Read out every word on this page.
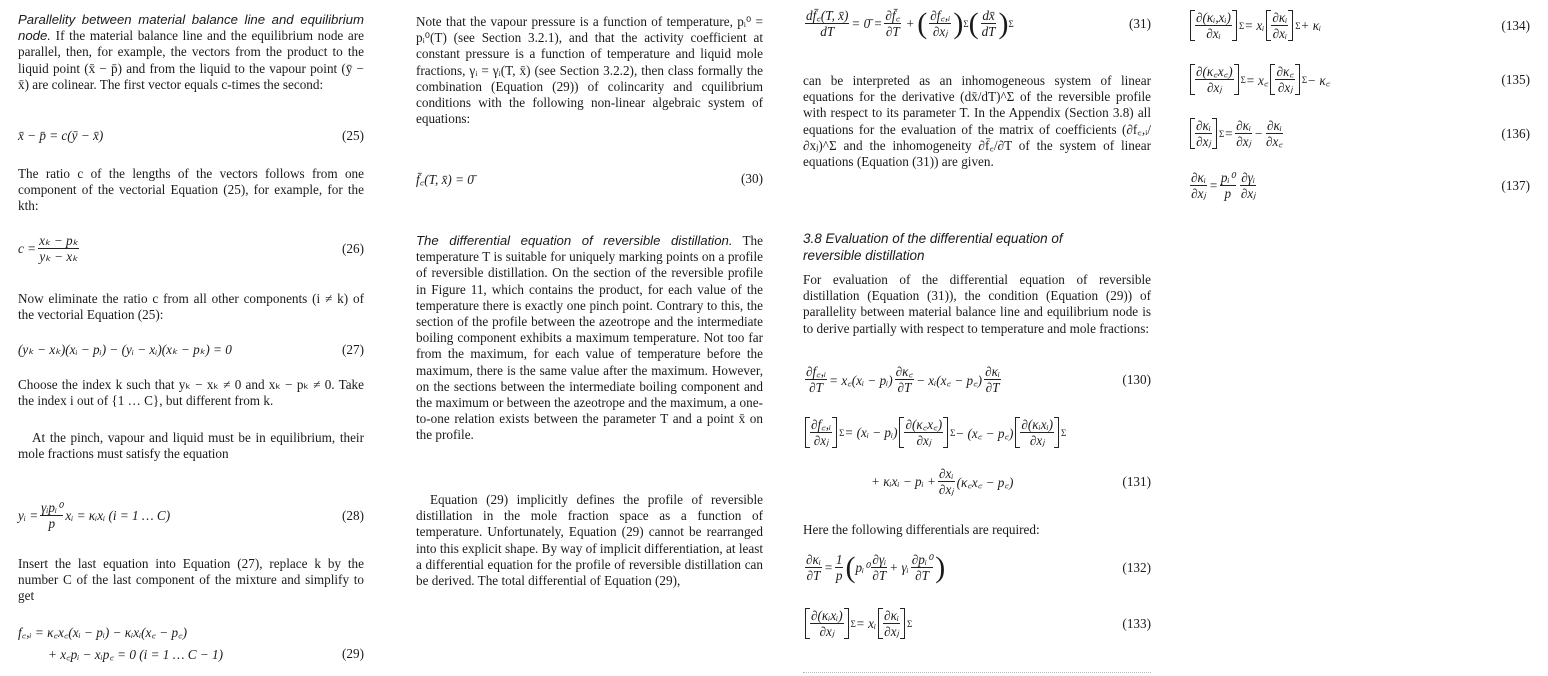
Parallelity between material balance line and equilibrium node. If the material balance line and the equilibrium node are parallel, then, for example, the vectors from the product to the liquid point (x̄ − p̄) and from the liquid to the vapour point (ȳ − x̄) are colinear. The first vector equals c-times the second:

x̄ − p̄ = c(ȳ − x̄)	(25)

The ratio c of the lengths of the vectors follows from one component of the vectorial Equation (25), for example, for the kth:

$c = \frac{\text{xₖ − pₖ}}{\text{yₖ − xₖ}}$	(26)

Now eliminate the ratio c from all other components (i ≠ k) of the vectorial Equation (25):

(yₖ − xₖ)(xᵢ − pᵢ) − (yᵢ − xᵢ)(xₖ − pₖ) = 0	(27)

Choose the index k such that yₖ − xₖ ≠ 0 and xₖ − pₖ ≠ 0. Take the index i out of {1 … C}, but different from k.

At the pinch, vapour and liquid must be in equilibrium, their mole fractions must satisfy the equation

yᵢ = $\frac{\text{γᵢpᵢ⁰}}{p}$ xᵢ = κᵢxᵢ (i = 1 … C)	(28)

Insert the last equation into Equation (27), replace k by the number C of the last component of the mixture and simplify to get

f꜀,ᵢ = κ꜀x꜀(xᵢ − pᵢ) − κᵢxᵢ(x꜀ − p꜀)
+ x꜀pᵢ − xᵢp꜀ = 0 (i = 1 … C − 1)	(29)

Note that the vapour pressure is a function of temperature, pᵢ⁰ = pᵢ⁰(T) (see Section 3.2.1), and that the activity coefficient at constant pressure is a function of temperature and liquid mole fractions, γᵢ = γᵢ(T, x̄) (see Section 3.2.2), then class formally the combination (Equation (29)) of colincarity and cquilibrium conditions with the following non-linear algebraic system of equations:

f̄꜀(T, x̄) = 0̄	(30)

The differential equation of reversible distillation. The temperature T is suitable for uniquely marking points on a profile of reversible distillation. On the section of the reversible profile in Figure 11, which contains the product, for each value of the temperature there is exactly one pinch point. Contrary to this, the section of the profile between the azeotrope and the intermediate boiling component exhibits a maximum temperature. Not too far from the maximum, for each value of temperature before the maximum, there is the same value after the maximum. However, on the sections between the intermediate boiling component and the maximum or between the azeotrope and the maximum, a one-to-one relation exists between the parameter T and a point x̄ on the profile.

Equation (29) implicitly defines the profile of reversible distillation in the mole fraction space as a function of temperature. Unfortunately, Equation (29) cannot be rearranged into this explicit shape. By way of implicit differentiation, at least a differential equation for the profile of reversible distillation can be derived. The total differential of Equation (29),

$\frac{df̄꜀(T, x̄)}{dT}$ = 0̄ = $\frac{\partial f̄꜀}{\partial T}$ + ( $\frac{\text{∂f꜀,ᵢ}}{\text{∂xⱼ}}$ ) Σ ( $\frac{dx̄}{dT}$ ) Σ	(31)

can be interpreted as an inhomogeneous system of linear equations for the derivative (dx̄/dT)^Σ of the reversible profile with respect to its parameter T. In the Appendix (Section 3.8) all equations for the evaluation of the matrix of coefficients (∂f꜀,ᵢ/∂xⱼ)^Σ and the inhomogeneity ∂f̄꜀/∂T of the system of linear equations (Equation (31)) are given.

3.8 Evaluation of the differential equation of reversible distillation

For evaluation of the differential equation of reversible distillation (Equation (31)), the condition (Equation (29)) of parallelity between material balance line and equilibrium node is to derive partially with respect to temperature and mole fractions:

$\frac{\text{∂f꜀,ᵢ}}{\partial T}$ = x꜀(xᵢ − pᵢ) $\frac{\partial\kappa꜀}{\partial T}$ − xᵢ(x꜀ − p꜀) $\frac{\text{∂κᵢ}}{\partial T}$	(130)
$\frac{\text{∂f꜀,ᵢ}}{\text{∂xⱼ}}$ Σ = (xᵢ − pᵢ) $\frac{\partial(\kappa꜀x꜀)}{\text{∂xⱼ}}$ Σ − (x꜀ − p꜀) $\frac{\text{∂(κᵢxᵢ)}}{\text{∂xⱼ}}$ Σ
+ κᵢxᵢ − pᵢ + $\frac{\text{∂xᵢ}}{\text{∂xⱼ}}$ (κ꜀x꜀ − p꜀)	(131)

Here the following differentials are required:

$\frac{\text{∂κᵢ}}{\partial T} = \frac{1}{p}$ ( pᵢ⁰ $\frac{\text{∂γᵢ}}{\partial T}$ + γᵢ $\frac{\text{∂pᵢ⁰}}{\partial T}$ )	(132)
$\frac{\text{∂(κᵢxᵢ)}}{\text{∂xⱼ}}$ Σ = xᵢ $\frac{\text{∂κᵢ}}{\text{∂xⱼ}}$ Σ	(133)
$\frac{\text{∂(κᵢ,xᵢ)}}{\text{∂xᵢ}}$ Σ = xᵢ $\frac{\text{∂κᵢ}}{\text{∂xᵢ}}$ Σ + κᵢ	(134)
$\frac{\partial(\kappa꜀x꜀)}{\text{∂xⱼ}}$ Σ = x꜀ $\frac{\partial\kappa꜀}{\text{∂xⱼ}}$ Σ − κ꜀	(135)
$\frac{\text{∂κᵢ}}{\text{∂xⱼ}}$ $\Sigma = \frac{\text{∂κᵢ}}{\text{∂xⱼ}} - \frac{\text{∂κᵢ}}{\partial x꜀}$	(136)
$\frac{\text{∂κᵢ}}{\text{∂xⱼ}} = \frac{\text{pᵢ⁰}}{p} \frac{\text{∂γᵢ}}{\text{∂xⱼ}}$	(137)
